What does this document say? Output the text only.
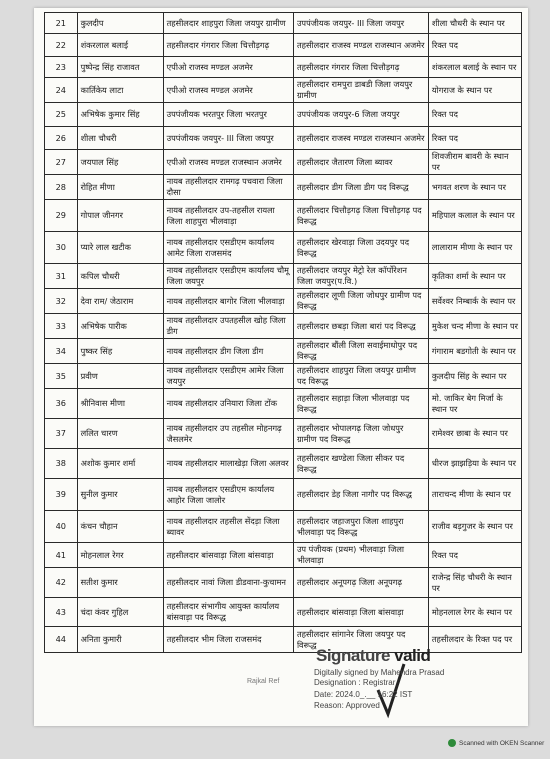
21	कुलदीप	तहसीलदार शाहपुरा जिला जयपुर ग्रामीण	उपपंजीयक जयपुर- III जिला जयपुर	शीला चौधरी के स्थान पर
22	शंकरलाल बलाई	तहसीलदार गंगरार जिला चित्तौड़गढ़	तहसीलदार राजस्व मण्डल राजस्थान अजमेर	रिक्त पद
23	पुष्पेन्द्र सिंह राजावत	एपीओ राजस्व मण्डल अजमेर	तहसीलदार गंगरार जिला चित्तौड़गढ़	शंकरलाल बलाई के स्थान पर
24	कार्तिकेय लाटा	एपीओ राजस्व मण्डल अजमेर	तहसीलदार रामपुरा डाबडी जिला जयपुर ग्रामीण	योगराज के स्थान पर
25	अभिषेक कुमार सिंह	उपपंजीयक भरतपुर जिला भरतपुर	उपपंजीयक जयपुर-6 जिला जयपुर	रिक्त पद
26	शीला चौधरी	उपपंजीयक जयपुर- III जिला जयपुर	तहसीलदार राजस्व मण्डल राजस्थान अजमेर	रिक्त पद
27	जयपाल सिंह	एपीओ राजस्व मण्डल राजस्थान अजमेर	तहसीलदार जैतारण जिला ब्यावर	शिवजीराम बावरी के स्थान पर
28	रोहित मीणा	नायब तहसीलदार रामगढ़ पचवारा जिला दौसा	तहसीलदार डीग जिला डीग पद विरूद्ध	भगवत शरण के स्थान पर
29	गोपाल जीनगर	नायब तहसीलदार उप-तहसील रायला जिला शाहपुरा भीलवाड़ा	तहसीलदार चित्तौड़गढ़ जिला चित्तौड़गढ़ पद विरूद्ध	महिपाल कलाल के स्थान पर
30	प्यारे लाल खटीक	नायब तहसीलदार एसडीएम कार्यालय आमेट जिला राजसमंद	तहसीलदार खेरवाड़ा जिला उदयपुर पद विरूद्ध	लालाराम मीणा के स्थान पर
31	कपिल चौधरी	नायब तहसीलदार एसडीएम कार्यालय चौमू जिला जयपुर	तहसीलदार जयपुर मेट्रो रेल कॉर्पोरेशन जिला जयपुर(प.वि.)	कृतिका शर्मा के स्थान पर
32	देवा राम/ जेठाराम	नायब तहसीलदार बागोर जिला भीलवाड़ा	तहसीलदार लूणी जिला जोधपुर ग्रामीण पद विरूद्ध	सर्वेश्वर निम्बार्क के स्थान पर
33	अभिषेक पारीक	नायब तहसीलदार उपतहसील खोह जिला डीग	तहसीलदार छबड़ा जिला बारां पद विरूद्ध	मुकेश चन्द मीणा के स्थान पर
34	पुष्कर सिंह	नायब तहसीलदार डीग जिला डीग	तहसीलदार बौंली जिला सवाईमाधोपुर पद विरूद्ध	गंगाराम बडगोती के स्थान पर
35	प्रवीण	नायब तहसीलदार एसडीएम आमेर जिला जयपुर	तहसीलदार शाहपुरा जिला जयपुर ग्रामीण पद विरूद्ध	कुलदीप सिंह के स्थान पर
36	श्रीनिवास मीणा	नायब तहसीलदार उनियारा जिला टोंक	तहसीलदार सहाड़ा जिला भीलवाड़ा पद विरूद्ध	मो. जाकिर बेग मिर्जा के स्थान पर
37	ललित चारण	नायब तहसीलदार उप तहसील मोहनगढ़ जैसलमेर	तहसीलदार भोपालगढ़ जिला जोधपुर ग्रामीण पद विरूद्ध	रामेश्वर छाबा के स्थान पर
38	अशोक कुमार शर्मा	नायब तहसीलदार मालाखेड़ा जिला अलवर	तहसीलदार खण्डेला जिला सीकर पद विरूद्ध	धीरज झाझड़िया के स्थान पर
39	सुनील कुमार	नायब तहसीलदार एसडीएम कार्यालय आहोर जिला जालोर	तहसीलदार डेह जिला नागौर पद विरूद्ध	ताराचन्द मीणा के स्थान पर
40	कंचन चौहान	नायब तहसीलदार तहसील सेंदड़ा जिला ब्यावर	तहसीलदार जहाजपुरा जिला शाहपुरा भीलवाड़ा पद विरूद्ध	राजीव बड़गुजर के स्थान पर
41	मोहनलाल रेगर	तहसीलदार बांसवाड़ा जिला बांसवाड़ा	उप पंजीयक (प्रथम) भीलवाड़ा जिला भीलवाड़ा	रिक्त पद
42	सतीश कुमार	तहसीलदार नावां जिला डीडवाना-कुचामन	तहसीलदार अनूपगढ़ जिला अनूपगढ़	राजेन्द्र सिंह चौधरी के स्थान पर
43	चंदा कंवर गुहिल	तहसीलदार संभागीय आयुक्त कार्यालय बांसवाड़ा पद विरूद्ध	तहसीलदार बांसवाड़ा जिला बांसवाड़ा	मोहनलाल रेगर के स्थान पर
44	अनिता कुमारी	तहसीलदार भीम जिला राजसमंद	तहसीलदार सांगानेर जिला जयपुर पद विरूद्ध	तहसीलदार के रिक्त पद पर
Rajkal Ref
Signature valid
Digitally signed by Mahendra Prasad
Designation : Registrar
Date: 2024.0_.__ 16:22 IST
Reason: Approved
Scanned with OKEN Scanner
